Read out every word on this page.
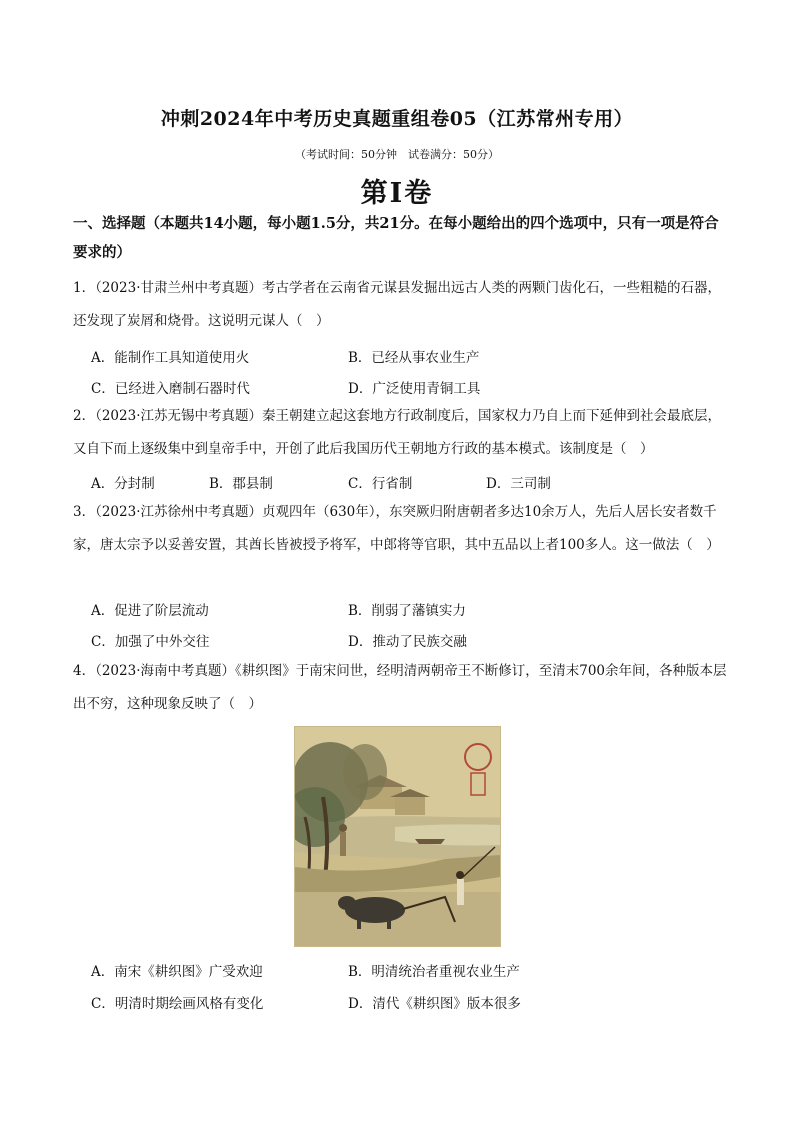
冲刺2024年中考历史真题重组卷05（江苏常州专用）
（考试时间：50分钟　试卷满分：50分）
第Ⅰ卷
一、选择题（本题共14小题，每小题1.5分，共21分。在每小题给出的四个选项中，只有一项是符合要求的）
1．（2023·甘肃兰州中考真题）考古学者在云南省元谋县发掘出远古人类的两颗门齿化石，一些粗糙的石器，还发现了炭屑和烧骨。这说明元谋人（　）
A．能制作工具知道使用火	B．已经从事农业生产
C．已经进入磨制石器时代	D．广泛使用青铜工具
2．（2023·江苏无锡中考真题）秦王朝建立起这套地方行政制度后，国家权力乃自上而下延伸到社会最底层，又自下而上逐级集中到皇帝手中，开创了此后我国历代王朝地方行政的基本模式。该制度是（　）
A．分封制	B．郡县制	C．行省制	D．三司制
3．（2023·江苏徐州中考真题）贞观四年（630年），东突厥归附唐朝者多达10余万人，先后人居长安者数千家，唐太宗予以妥善安置，其酋长皆被授予将军，中郎将等官职，其中五品以上者100多人。这一做法（　）
A．促进了阶层流动	B．削弱了藩镇实力
C．加强了中外交往	D．推动了民族交融
4．（2023·海南中考真题）《耕织图》于南宋问世，经明清两朝帝王不断修订，至清末700余年间，各种版本层出不穷，这种现象反映了（　）
A．南宋《耕织图》广受欢迎	B．明清统治者重视农业生产
C．明清时期绘画风格有变化	D．清代《耕织图》版本很多
